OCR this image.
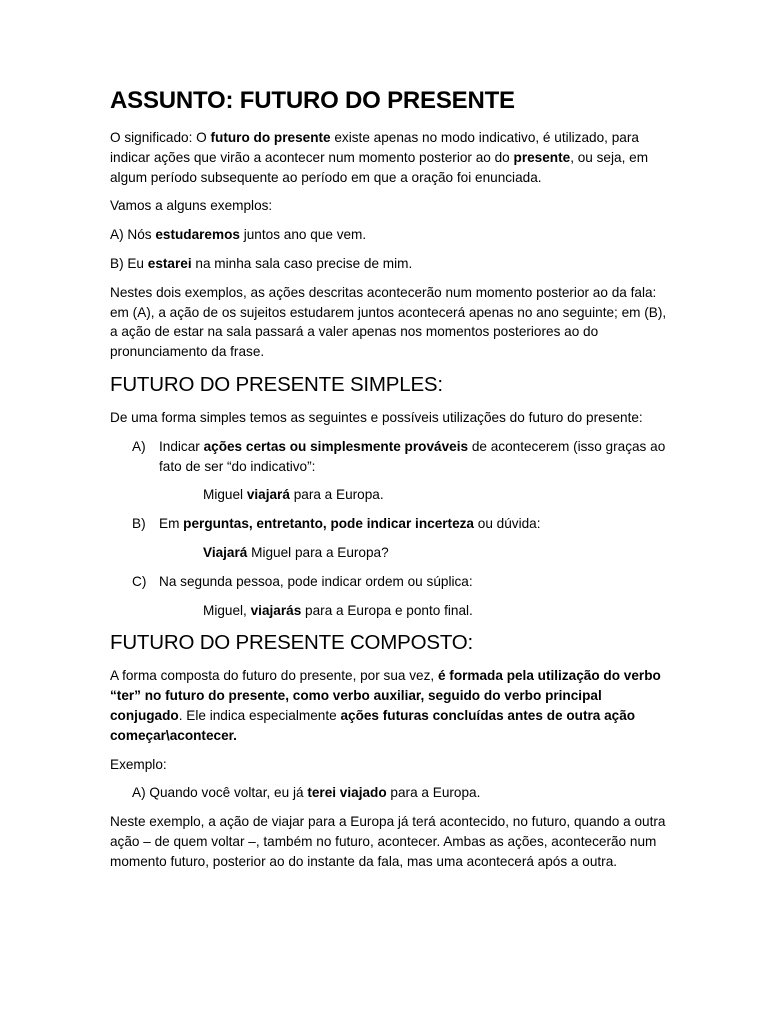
ASSUNTO: FUTURO DO PRESENTE

O significado: O futuro do presente existe apenas no modo indicativo, é utilizado, para indicar ações que virão a acontecer num momento posterior ao do presente, ou seja, em algum período subsequente ao período em que a oração foi enunciada.

Vamos a alguns exemplos:

A) Nós estudaremos juntos ano que vem.

B) Eu estarei na minha sala caso precise de mim.

Nestes dois exemplos, as ações descritas acontecerão num momento posterior ao da fala: em (A), a ação de os sujeitos estudarem juntos acontecerá apenas no ano seguinte; em (B), a ação de estar na sala passará a valer apenas nos momentos posteriores ao do pronunciamento da frase.

FUTURO DO PRESENTE SIMPLES:

De uma forma simples temos as seguintes e possíveis utilizações do futuro do presente:

A) Indicar ações certas ou simplesmente prováveis de acontecerem (isso graças ao fato de ser “do indicativo”:

Miguel viajará para a Europa.

B) Em perguntas, entretanto, pode indicar incerteza ou dúvida:

Viajará Miguel para a Europa?

C) Na segunda pessoa, pode indicar ordem ou súplica:

Miguel, viajarás para a Europa e ponto final.

FUTURO DO PRESENTE COMPOSTO:

A forma composta do futuro do presente, por sua vez, é formada pela utilização do verbo “ter” no futuro do presente, como verbo auxiliar, seguido do verbo principal conjugado. Ele indica especialmente ações futuras concluídas antes de outra ação começar\acontecer.

Exemplo:

A) Quando você voltar, eu já terei viajado para a Europa.

Neste exemplo, a ação de viajar para a Europa já terá acontecido, no futuro, quando a outra ação – de quem voltar –, também no futuro, acontecer. Ambas as ações, acontecerão num momento futuro, posterior ao do instante da fala, mas uma acontecerá após a outra.
